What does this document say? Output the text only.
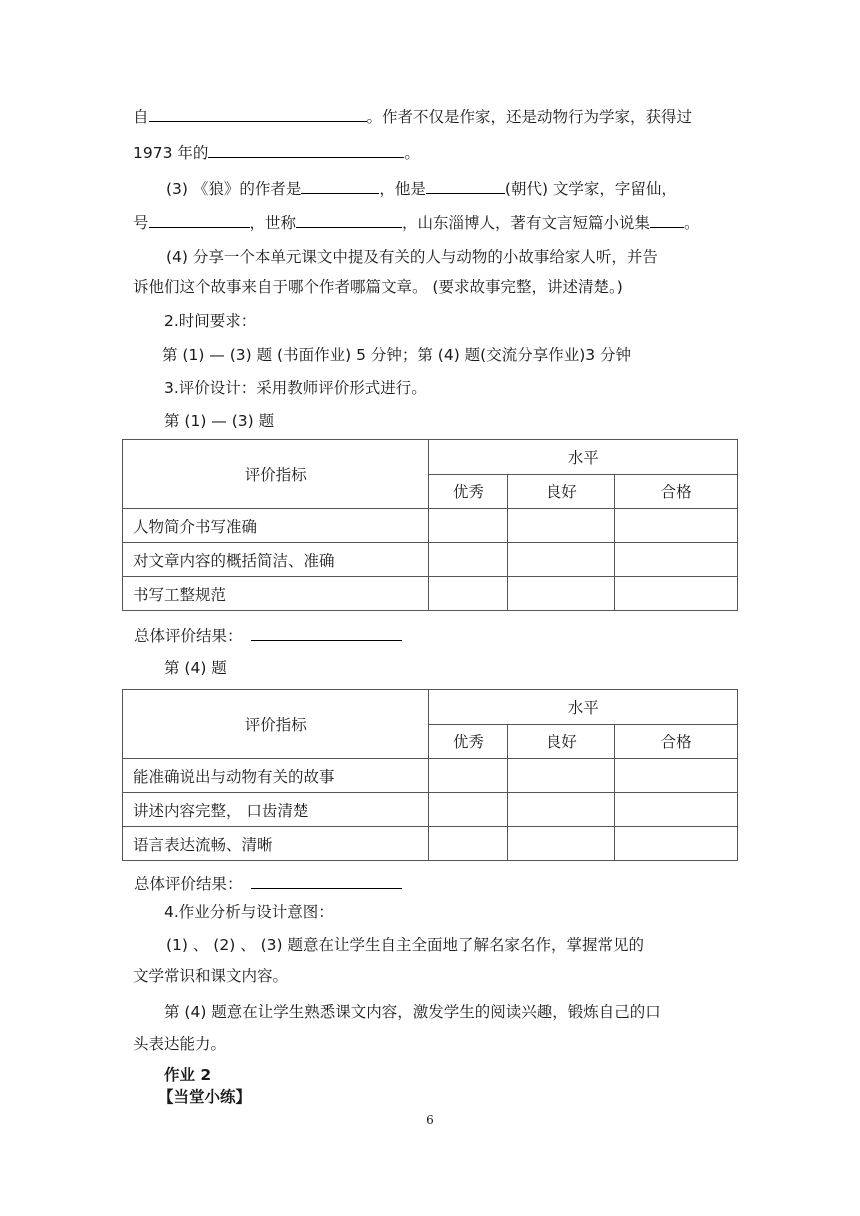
自	。作者不仅是作家，还是动物行为学家，获得过
1973 年的	。
(3) 《狼》的作者是	，他是	(朝代) 文学家，字留仙，
号	，世称	，山东淄博人，著有文言短篇小说集 。
(4) 分享一个本单元课文中提及有关的人与动物的小故事给家人听，并告
诉他们这个故事来自于哪个作者哪篇文章。 (要求故事完整，讲述清楚。)
2.时间要求：
第 (1) — (3) 题 (书面作业) 5 分钟；第 (4) 题(交流分享作业)3 分钟
3.评价设计：采用教师评价形式进行。
第 (1) — (3) 题
评价指标	水平		
	优秀	良好	合格
人物简介书写准确			
对文章内容的概括简洁、准确			
书写工整规范			
总体评价结果：
第 (4) 题
评价指标	水平		
	优秀	良好	合格
能准确说出与动物有关的故事			
讲述内容完整， 口齿清楚			
语言表达流畅、清晰			
总体评价结果：
4.作业分析与设计意图：
(1) 、 (2) 、 (3) 题意在让学生自主全面地了解名家名作，掌握常见的
文学常识和课文内容。
第 (4) 题意在让学生熟悉课文内容，激发学生的阅读兴趣，锻炼自己的口
头表达能力。
作业 2
【当堂小练】
6
